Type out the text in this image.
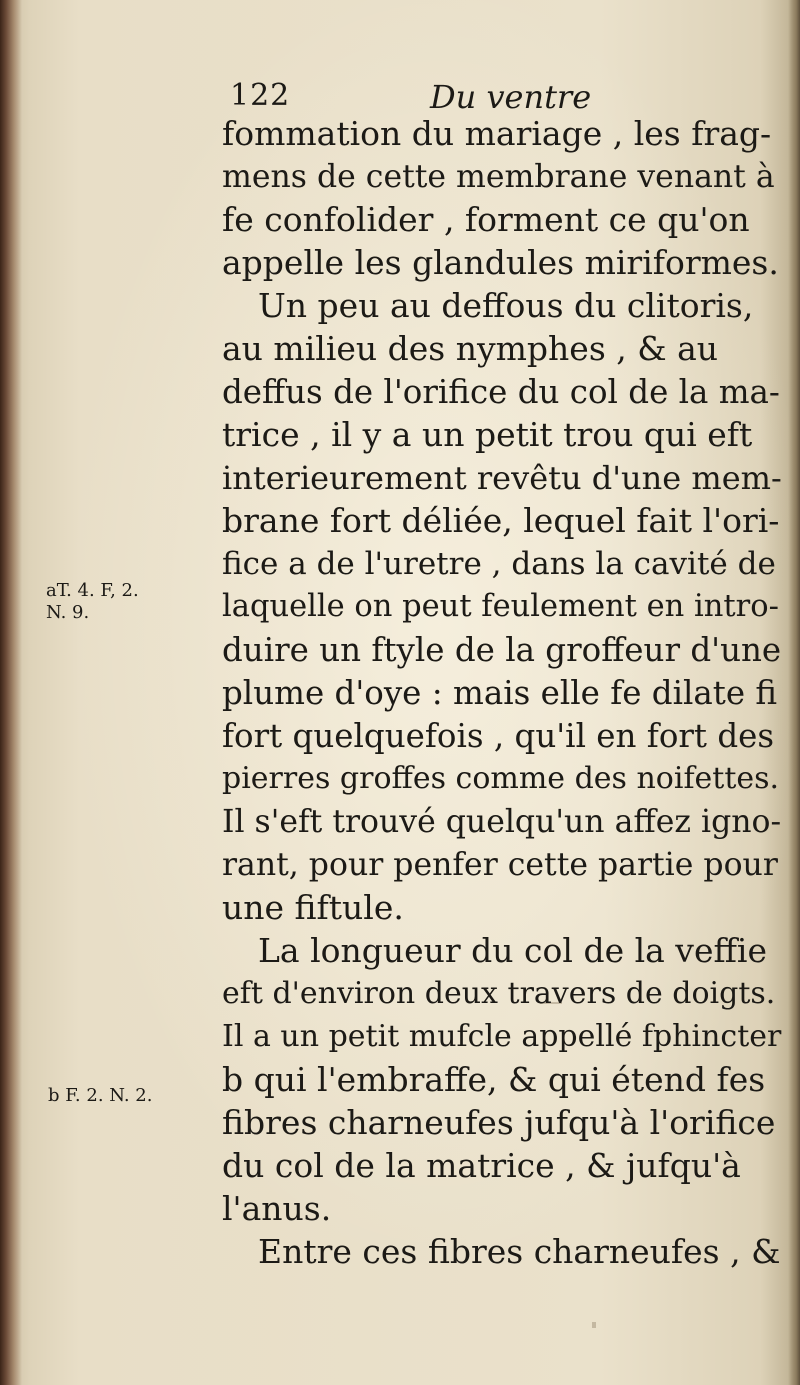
122	Du ventre
aT. 4. F, 2.
N. 9.
b F. 2. N. 2.
fommation du mariage , les frag-
mens de cette membrane venant à
fe confolider , forment ce qu'on
appelle les glandules miriformes.
Un peu au deffous du clitoris,
au milieu des nymphes , & au
deffus de l'orifice du col de la ma-
trice , il y a un petit trou qui eft
interieurement revêtu d'une mem-
brane fort déliée, lequel fait l'ori-
fice a de l'uretre , dans la cavité de
laquelle on peut feulement en intro-
duire un ftyle de la groffeur d'une
plume d'oye : mais elle fe dilate fi
fort quelquefois , qu'il en fort des
pierres groffes comme des noifettes.
Il s'eft trouvé quelqu'un affez igno-
rant, pour penfer cette partie pour
une fiftule.
La longueur du col de la veffie
eft d'environ deux travers de doigts.
Il a un petit mufcle appellé fphincter
b qui l'embraffe, & qui étend fes
fibres charneufes jufqu'à l'orifice
du col de la matrice , & jufqu'à
l'anus.
Entre ces fibres charneufes , &
